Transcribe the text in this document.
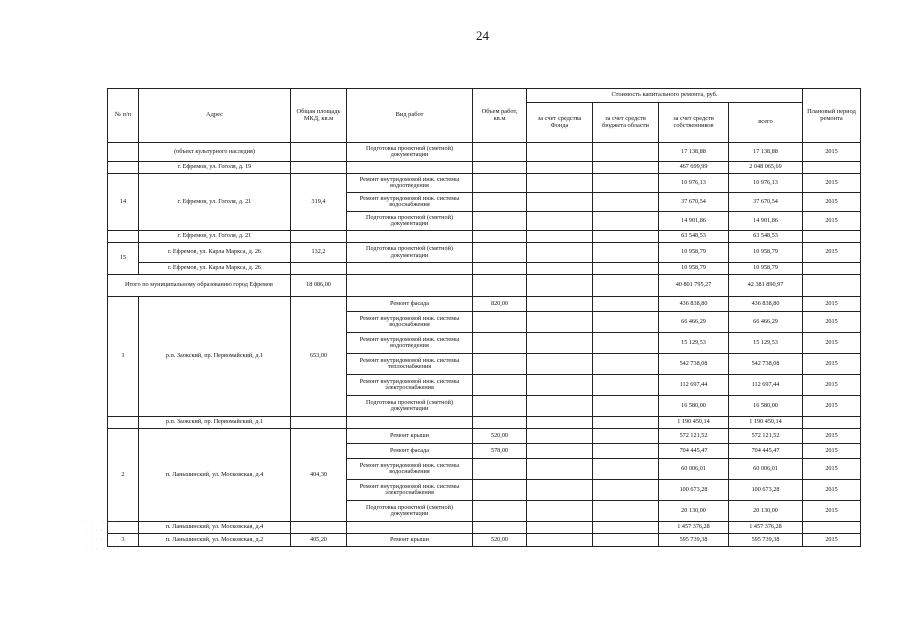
24
№ п/п	Адрес	Общая площадь МКД, кв.м	Вид работ	Объем работ, кв.м	Стоимость капитального ремонта, руб.				Плановый период ремонта
					за счет средства Фонда	за счет средств бюджета области	за счет средств собственников	всего	
	(объект культурного наследия)		Подготовка проектной (сметной) документации				17 138,88	17 138,88	2015
	г. Ефремов, ул. Гоголя, д. 19						467 699,99	2 048 065,69	
14	г. Ефремов, ул. Гоголя, д. 21	319,4	Ремонт внутридомовой инж. системы водоотведения				10 976,13	10 976,13	2015
			Ремонт внутридомовой инж. системы водоснабжения				37 670,54	37 670,54	2015
			Подготовка проектной (сметной) документации				14 901,86	14 901,86	2015
	г. Ефремов, ул. Гоголя, д. 21						63 548,53	63 548,53	
15	г. Ефремов, ул. Карла Маркса, д. 26	132,2	Подготовка проектной (сметной) документации				10 958,79	10 958,79	2015
	г. Ефремов, ул. Карла Маркса, д. 26						10 958,79	10 958,79	
Итого по муниципальному образованию город Ефремов		18 086,00					40 801 795,27	42 381 890,97	
1	р.п. Заокский, пр. Первомайский, д.1	653,00	Ремонт фасада	820,00			436 838,80	436 838,80	2015
			Ремонт внутридомовой инж. системы водоснабжения				66 466,29	66 466,29	2015
			Ремонт внутридомовой инж. системы водоотведения				15 129,53	15 129,53	2015
			Ремонт внутридомовой инж. системы теплоснабжения				542 738,08	542 738,08	2015
			Ремонт внутридомовой инж. системы электроснабжения				112 697,44	112 697,44	2015
			Подготовка проектной (сметной) документации				16 580,00	16 580,00	2015
	р.п. Заокский, пр. Первомайский, д.1						1 190 450,14	1 190 450,14	
2	п. Ланьшинский, ул. Московская, д.4	404,30	Ремонт крыши	520,00			572 121,52	572 121,52	2015
			Ремонт фасада	578,00			704 445,47	704 445,47	2015
			Ремонт внутридомовой инж. системы водоснабжения				60 006,01	60 006,01	2015
			Ремонт внутридомовой инж. системы электроснабжения				100 673,28	100 673,28	2015
			Подготовка проектной (сметной) документации				20 130,00	20 130,00	2015
	п. Ланьшинский, ул. Московская, д.4						1 457 376,28	1 457 376,28	
3	п. Ланьшинский, ул. Московская, д.2	405,20	Ремонт крыши	520,00			595 739,38	595 739,38	2015
· ·    · · ·
· · · ·  · ·
· · · · · · ·
· · ·  · · · ·
